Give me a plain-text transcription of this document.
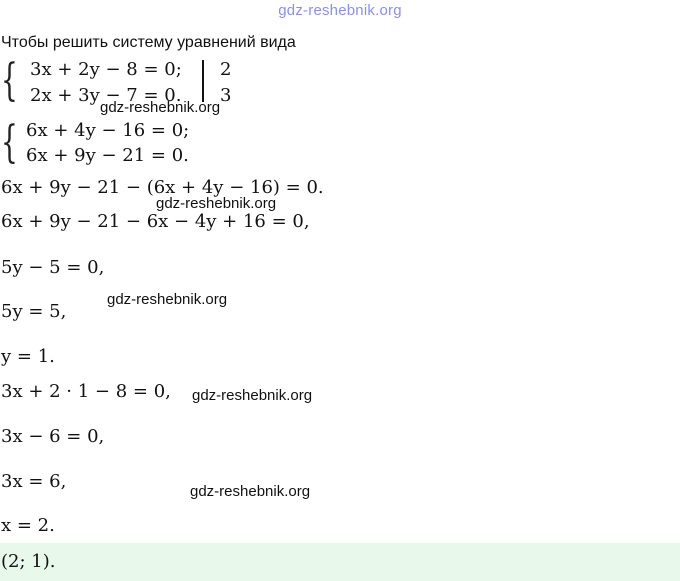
gdz-reshebnik.org
Чтобы решить систему уравнений вида
{ 3x + 2y − 8 = 0;
2x + 3y − 7 = 0.
2
3
{ 6x + 4y − 16 = 0;
6x + 9y − 21 = 0.
6x + 9y − 21 − (6x + 4y − 16) = 0.
6x + 9y − 21 − 6x − 4y + 16 = 0,
5y − 5 = 0,
5y = 5,
y = 1.
3x + 2 · 1 − 8 = 0,
3x − 6 = 0,
3x = 6,
x = 2.
(2; 1).
gdz-reshebnik.org
gdz-reshebnik.org
gdz-reshebnik.org
gdz-reshebnik.org
gdz-reshebnik.org
